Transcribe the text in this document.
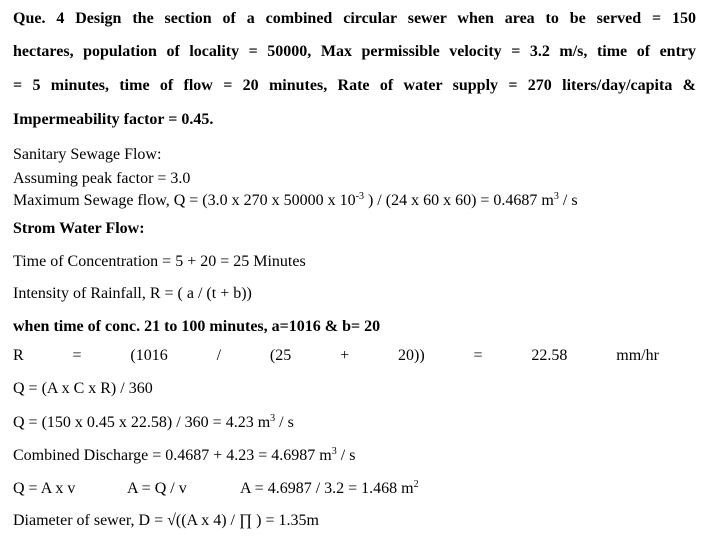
Que. 4 Design the section of a combined circular sewer when area to be served = 150
hectares, population of locality = 50000, Max permissible velocity = 3.2 m/s, time of entry
= 5 minutes, time of flow = 20 minutes, Rate of water supply = 270 liters/day/capita &
Impermeability factor = 0.45.
Sanitary Sewage Flow:
Assuming peak factor = 3.0
Maximum Sewage flow, Q = (3.0 x 270 x 50000 x $10^{-3}$ ) / (24 x 60 x 60) = 0.4687 $m^3$ / s
Strom Water Flow:
Time of Concentration = 5 + 20 = 25 Minutes
Intensity of Rainfall, R = ( a / (t + b))
when time of conc. 21 to 100 minutes, a=1016 & b= 20
R	=	(1016	/	(25	+	20))	=	22.58	mm/hr
Q = (A x C x R) / 360
Q = (150 x 0.45 x 22.58) / 360 = 4.23 $m^3$ / s
Combined Discharge = 0.4687 + 4.23 = 4.6987 $m^3$ / s
Q = A x v	A = Q / v	A = 4.6987 / 3.2 = 1.468 $m^2$
Diameter of sewer, D = √((A x 4) / ∏ ) = 1.35m
